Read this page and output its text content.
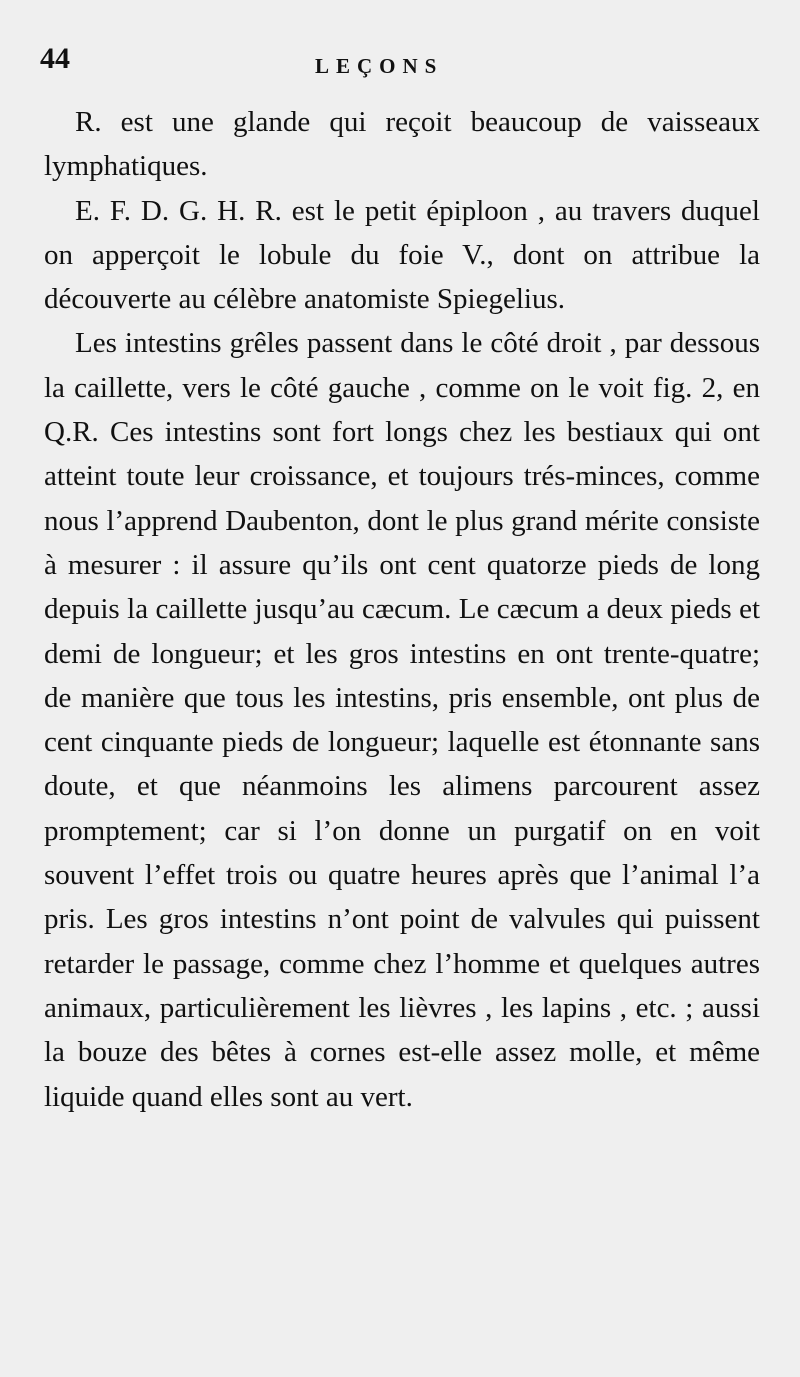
44	LEÇONS

R. est une glande qui reçoit beaucoup de vaisseaux lymphatiques.

E. F. D. G. H. R. est le petit épiploon , au travers duquel on apperçoit le lobule du foie V., dont on attribue la découverte au célèbre anatomiste Spiegelius.

Les intestins grêles passent dans le côté droit , par dessous la caillette, vers le côté gauche , comme on le voit fig. 2, en Q.R. Ces intestins sont fort longs chez les bestiaux qui ont atteint toute leur croissance, et toujours trés-minces, comme nous l’apprend Daubenton, dont le plus grand mérite consiste à mesurer : il assure qu’ils ont cent quatorze pieds de long depuis la caillette jusqu’au cæcum. Le cæcum a deux pieds et demi de longueur; et les gros intestins en ont trente-quatre; de manière que tous les intestins, pris ensemble, ont plus de cent cinquante pieds de longueur; laquelle est étonnante sans doute, et que néanmoins les alimens parcourent assez promptement; car si l’on donne un purgatif on en voit souvent l’effet trois ou quatre heures après que l’animal l’a pris. Les gros intestins n’ont point de valvules qui puissent retarder le passage, comme chez l’homme et quelques autres animaux, particulièrement les lièvres , les lapins , etc. ; aussi la bouze des bêtes à cornes est-elle assez molle, et même liquide quand elles sont au vert.
